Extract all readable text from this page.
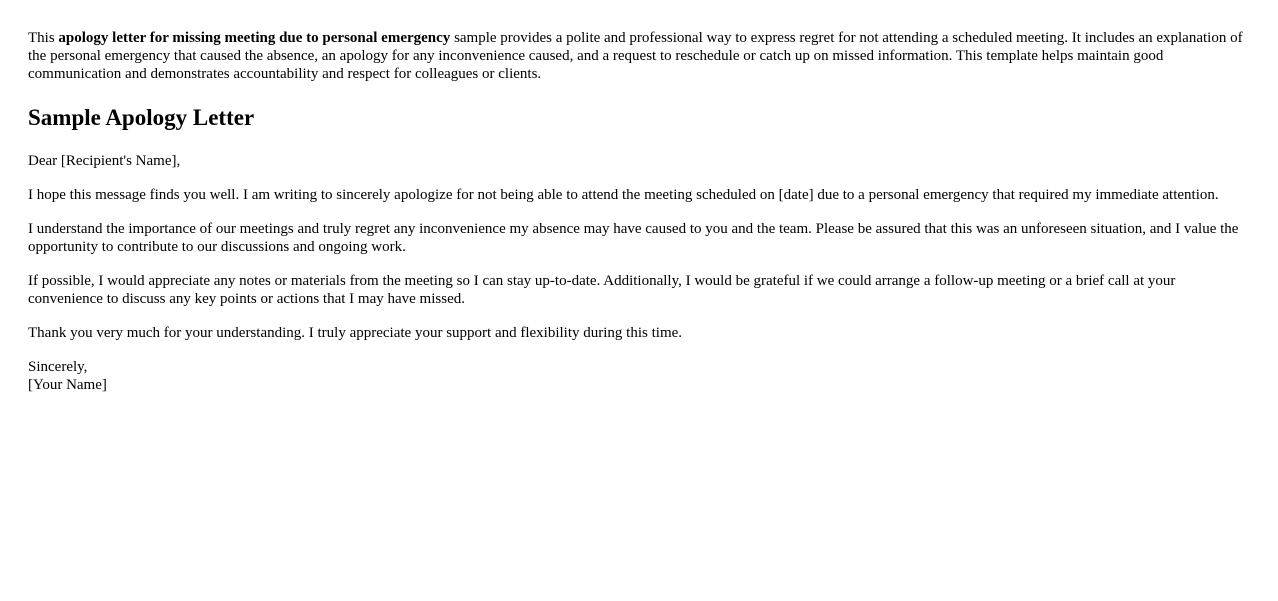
This apology letter for missing meeting due to personal emergency sample provides a polite and professional way to express regret for not attending a scheduled meeting. It includes an explanation of the personal emergency that caused the absence, an apology for any inconvenience caused, and a request to reschedule or catch up on missed information. This template helps maintain good communication and demonstrates accountability and respect for colleagues or clients.

Sample Apology Letter

Dear [Recipient's Name],

I hope this message finds you well. I am writing to sincerely apologize for not being able to attend the meeting scheduled on [date] due to a personal emergency that required my immediate attention.

I understand the importance of our meetings and truly regret any inconvenience my absence may have caused to you and the team. Please be assured that this was an unforeseen situation, and I value the opportunity to contribute to our discussions and ongoing work.

If possible, I would appreciate any notes or materials from the meeting so I can stay up-to-date. Additionally, I would be grateful if we could arrange a follow-up meeting or a brief call at your convenience to discuss any key points or actions that I may have missed.

Thank you very much for your understanding. I truly appreciate your support and flexibility during this time.

Sincerely,
[Your Name]
